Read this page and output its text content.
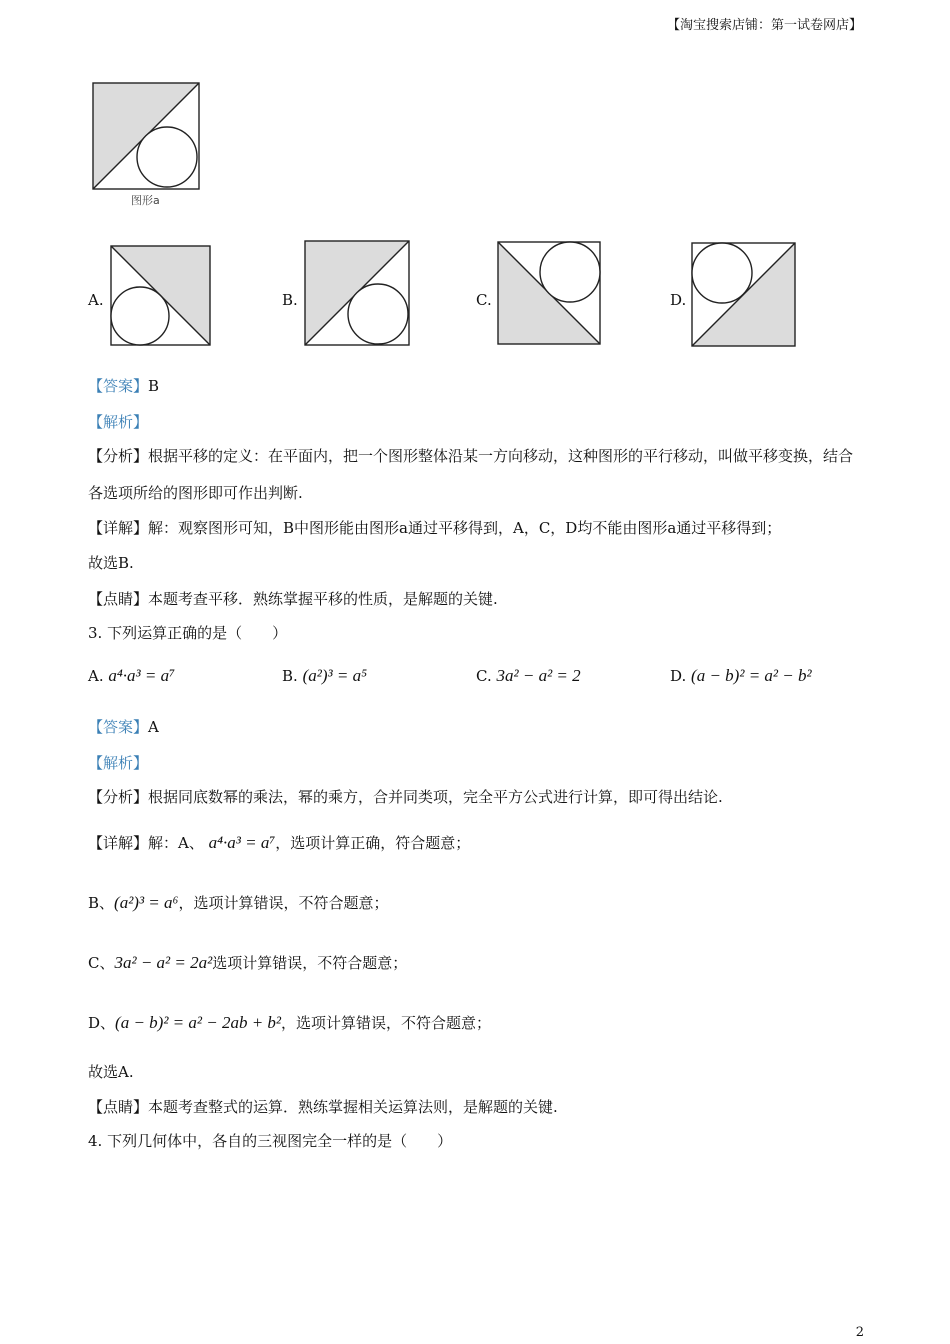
【淘宝搜索店铺：第一试卷网店】
图形a
A.	B.	C.	D.
【答案】B
【解析】
【分析】根据平移的定义：在平面内，把一个图形整体沿某一方向移动，这种图形的平行移动，叫做平移变换，结合各选项所给的图形即可作出判断.
【详解】解：观察图形可知，B中图形能由图形a通过平移得到，A，C，D均不能由图形a通过平移得到；
故选B.
【点睛】本题考查平移．熟练掌握平移的性质，是解题的关键.
3. 下列运算正确的是（　　）
A. a⁴·a³ = a⁷	B. (a²)³ = a⁵	C. 3a² − a² = 2	D. (a − b)² = a² − b²
【答案】A
【解析】
【分析】根据同底数幂的乘法，幂的乘方，合并同类项，完全平方公式进行计算，即可得出结论.
【详解】解：A、 a⁴·a³ = a⁷，选项计算正确，符合题意；
B、(a²)³ = a⁶，选项计算错误，不符合题意；
C、3a² − a² = 2a²选项计算错误，不符合题意；
D、(a − b)² = a² − 2ab + b²，选项计算错误，不符合题意；
故选A.
【点睛】本题考查整式的运算．熟练掌握相关运算法则，是解题的关键.
4. 下列几何体中，各自的三视图完全一样的是（　　）
2
